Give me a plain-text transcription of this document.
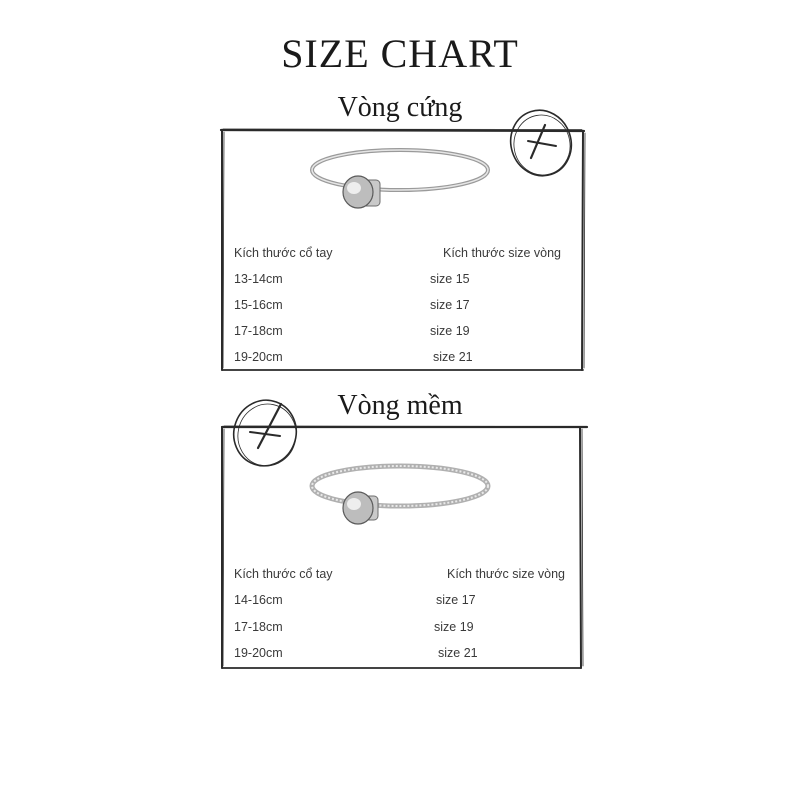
SIZE CHART
Vòng cứng
Kích thước cổ tay	Kích thước size vòng
13-14cm	size 15
15-16cm	size 17
17-18cm	size 19
19-20cm	size 21
Vòng mềm
Kích thước cổ tay	Kích thước size vòng
14-16cm	size 17
17-18cm	size 19
19-20cm	size 21
